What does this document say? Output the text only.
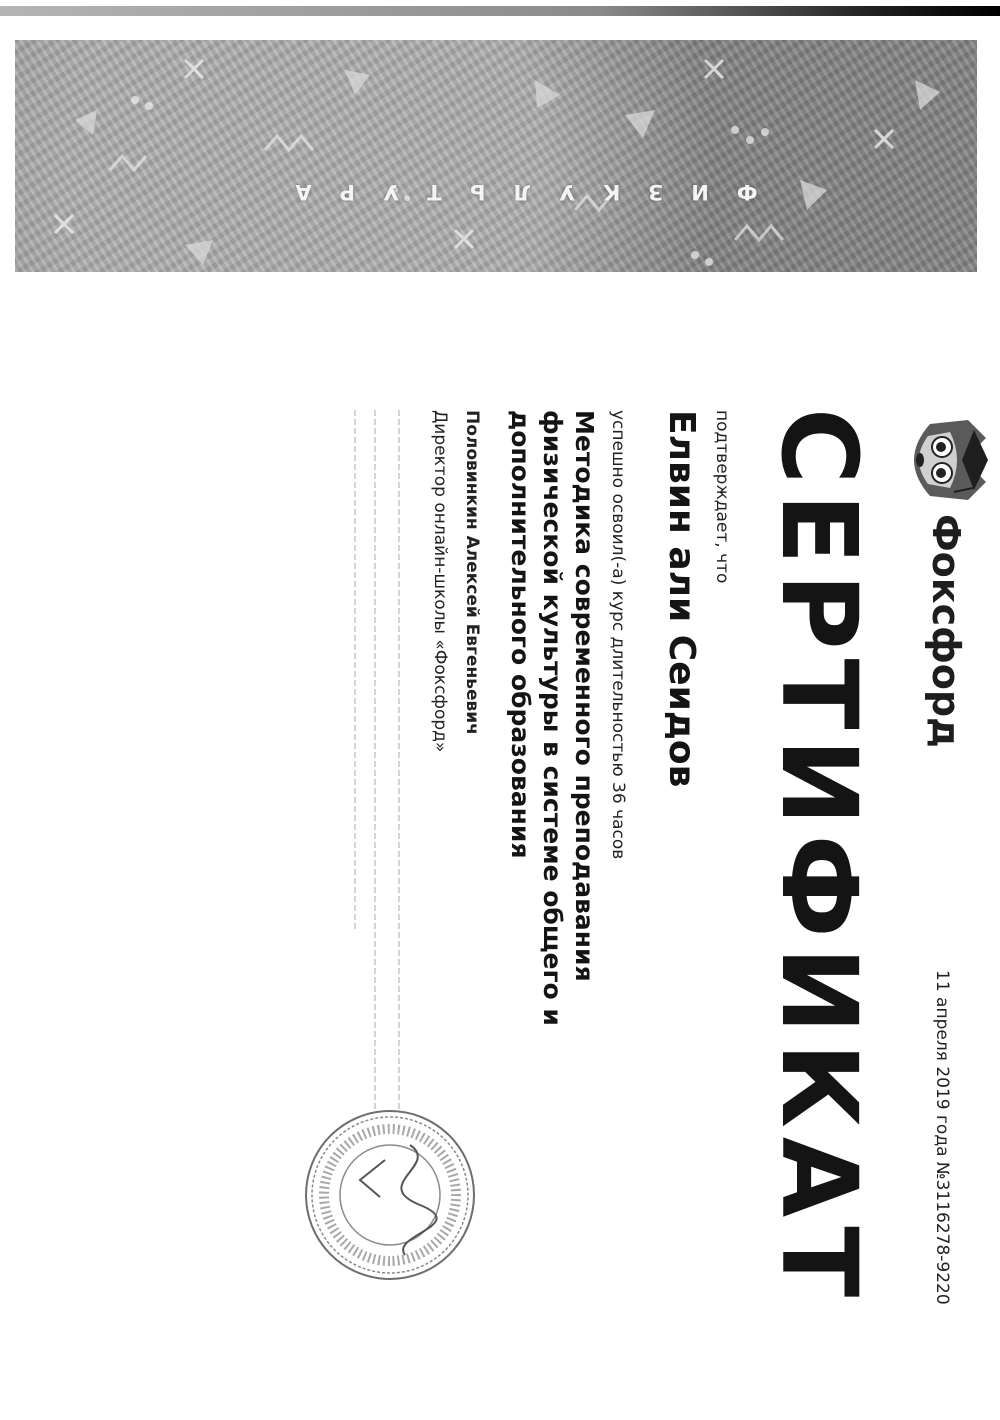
ФИЗКУЛЬТУРА
Фоксфорд
11 апреля 2019 года №3116278-9220
СЕРТИФИКАТ
подтверждает, что
Елвин али Сеидов
успешно освоил(-а) курс длительностью 36 часов
Методика современного преподавания физической культуры в системе общего и дополнительного образования
Половинкин Алексей Евгеньевич
Директор онлайн-школы «Фоксфорд»
